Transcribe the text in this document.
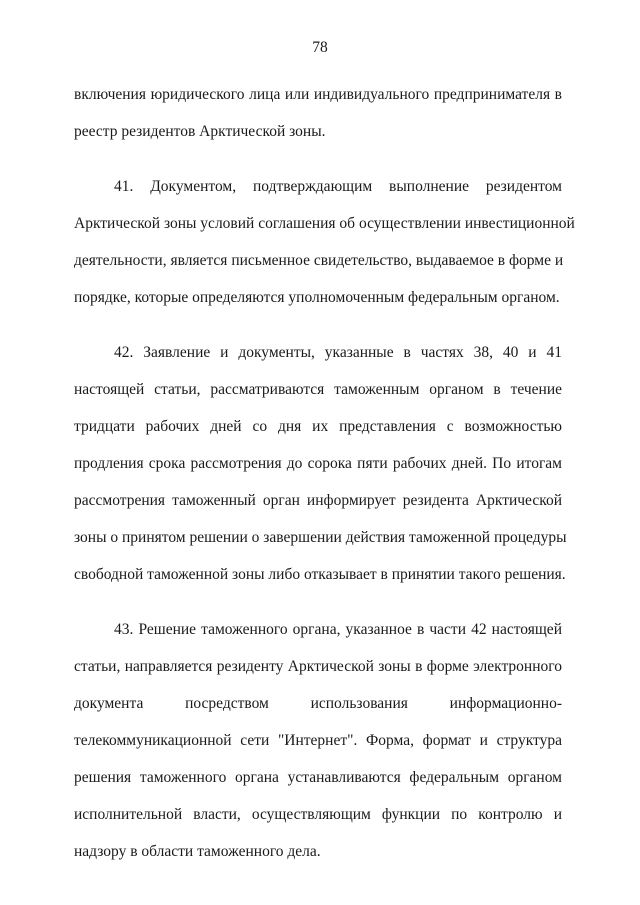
78
включения юридического лица или индивидуального предпринимателя в
реестр резидентов Арктической зоны.
41. Документом, подтверждающим выполнение резидентом
Арктической зоны условий соглашения об осуществлении инвестиционной
деятельности, является письменное свидетельство, выдаваемое в форме и
порядке, которые определяются уполномоченным федеральным органом.
42. Заявление и документы, указанные в частях 38, 40 и 41
настоящей статьи, рассматриваются таможенным органом в течение
тридцати рабочих дней со дня их представления с возможностью
продления срока рассмотрения до сорока пяти рабочих дней. По итогам
рассмотрения таможенный орган информирует резидента Арктической
зоны о принятом решении о завершении действия таможенной процедуры
свободной таможенной зоны либо отказывает в принятии такого решения.
43. Решение таможенного органа, указанное в части 42 настоящей
статьи, направляется резиденту Арктической зоны в форме электронного
документа посредством использования информационно-
телекоммуникационной сети "Интернет". Форма, формат и структура
решения таможенного органа устанавливаются федеральным органом
исполнительной власти, осуществляющим функции по контролю и
надзору в области таможенного дела.
